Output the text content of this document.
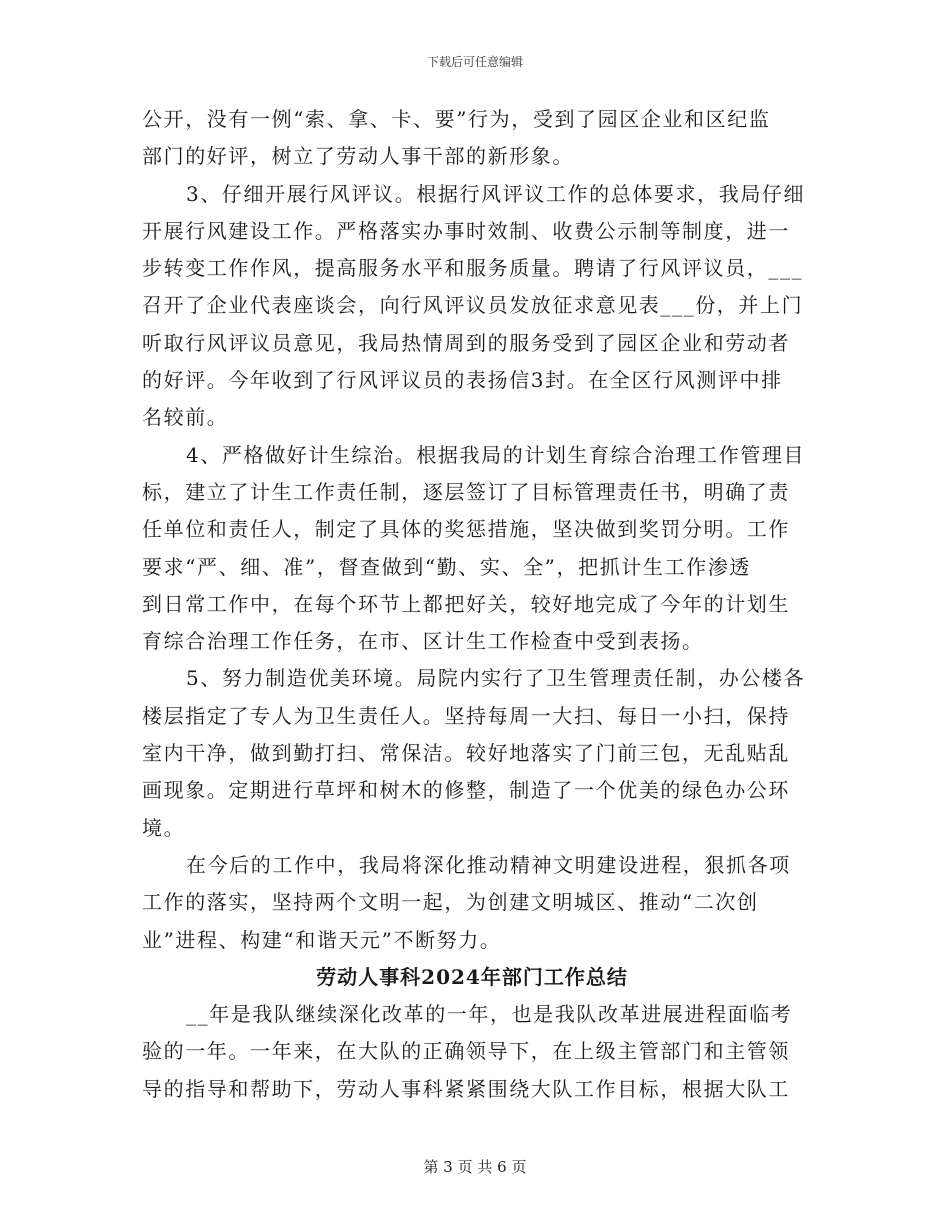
下载后可任意编辑

公开，没有一例“索、拿、卡、要”行为，受到了园区企业和区纪监
部门的好评，树立了劳动人事干部的新形象。

3、仔细开展行风评议。根据行风评议工作的总体要求，我局仔细
开展行风建设工作。严格落实办事时效制、收费公示制等制度，进一
步转变工作作风，提高服务水平和服务质量。聘请了行风评议员，___
召开了企业代表座谈会，向行风评议员发放征求意见表___份，并上门
听取行风评议员意见，我局热情周到的服务受到了园区企业和劳动者
的好评。今年收到了行风评议员的表扬信3封。在全区行风测评中排
名较前。

4、严格做好计生综治。根据我局的计划生育综合治理工作管理目
标，建立了计生工作责任制，逐层签订了目标管理责任书，明确了责
任单位和责任人，制定了具体的奖惩措施，坚决做到奖罚分明。工作
要求“严、细、准”，督查做到“勤、实、全”，把抓计生工作渗透
到日常工作中，在每个环节上都把好关，较好地完成了今年的计划生
育综合治理工作任务，在市、区计生工作检查中受到表扬。

5、努力制造优美环境。局院内实行了卫生管理责任制，办公楼各
楼层指定了专人为卫生责任人。坚持每周一大扫、每日一小扫，保持
室内干净，做到勤打扫、常保洁。较好地落实了门前三包，无乱贴乱
画现象。定期进行草坪和树木的修整，制造了一个优美的绿色办公环
境。

在今后的工作中，我局将深化推动精神文明建设进程，狠抓各项
工作的落实，坚持两个文明一起，为创建文明城区、推动“二次创
业”进程、构建“和谐天元”不断努力。

劳动人事科2024年部门工作总结

__年是我队继续深化改革的一年，也是我队改革进展进程面临考
验的一年。一年来，在大队的正确领导下，在上级主管部门和主管领
导的指导和帮助下，劳动人事科紧紧围绕大队工作目标，根据大队工

第 3 页 共 6 页
